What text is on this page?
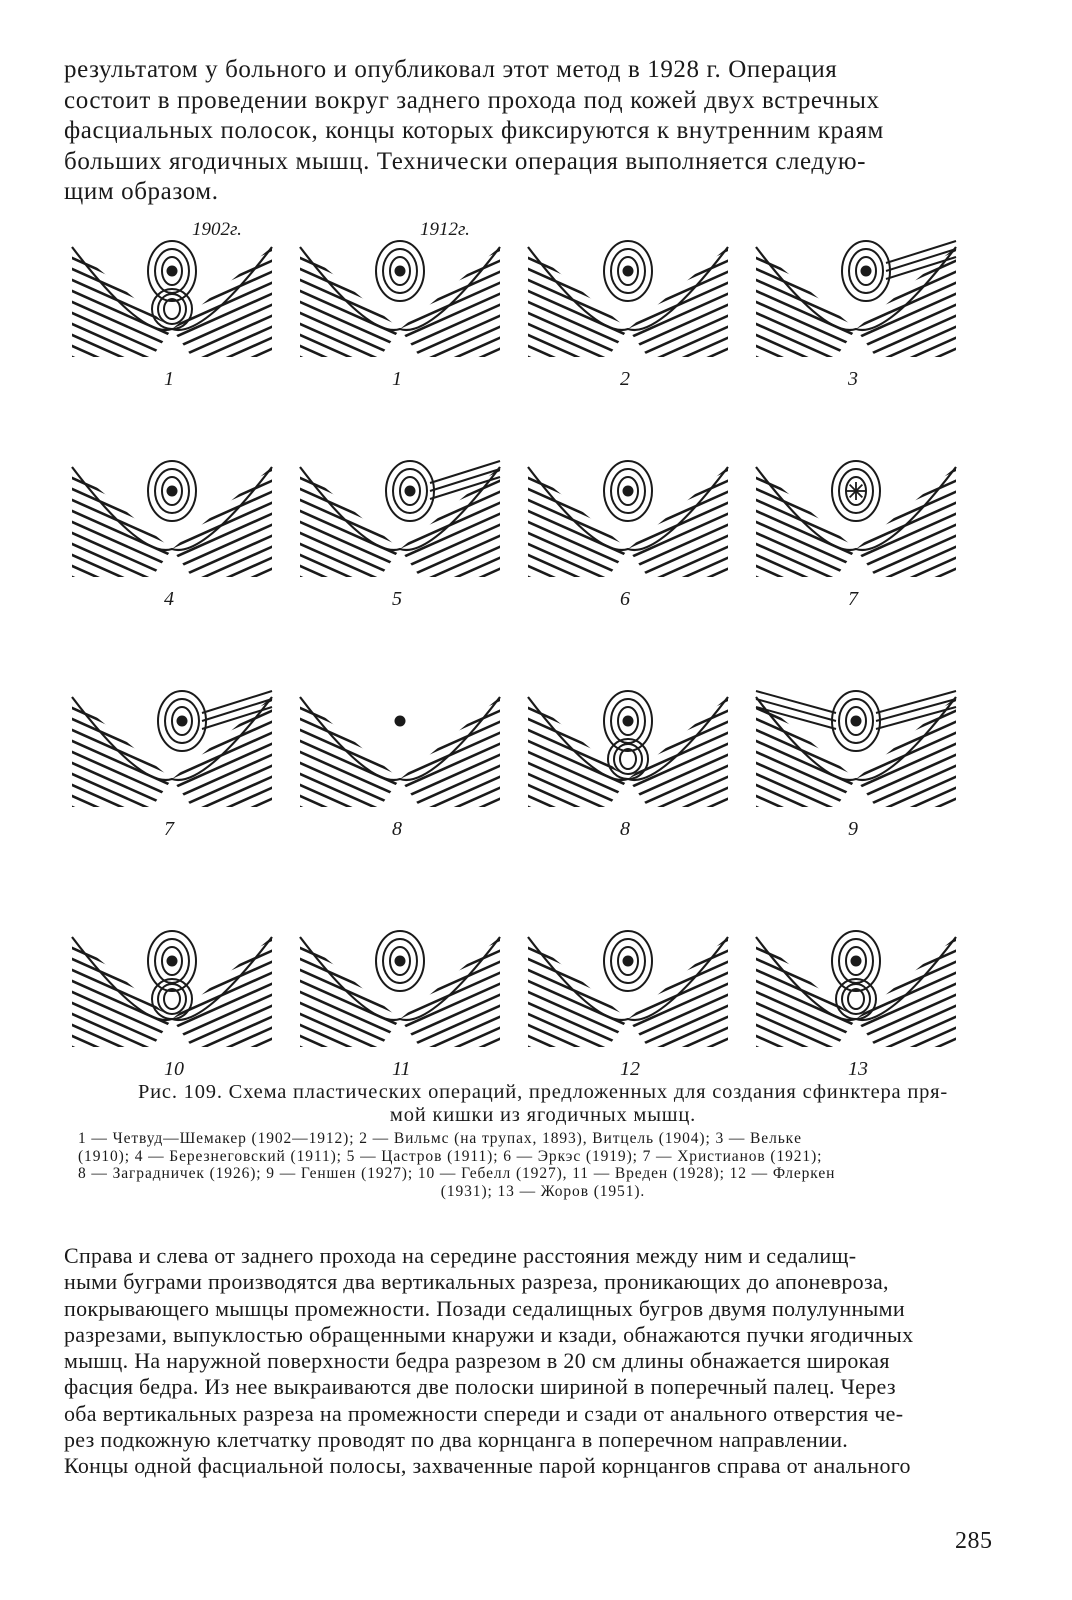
результатом у больного и опубликовал этот метод в 1928 г. Операция
состоит в проведении вокруг заднего прохода под кожей двух встречных
фасциальных полосок, концы которых фиксируются к внутренним краям
больших ягодичных мышц. Технически операция выполняется следую-
щим образом.
1
1902г.
1
1912г.
2	3
4	5	6	7
7	8	8	9
10	11	12	13
Рис. 109. Схема пластических операций, предложенных для создания сфинктера пря-
мой кишки из ягодичных мышц.
1 — Четвуд—Шемакер (1902—1912); 2 — Вильмс (на трупах, 1893), Витцель (1904); 3 — Велькe
(1910); 4 — Березнеговский (1911); 5 — Цастров (1911); 6 — Эркэс (1919); 7 — Христианов (1921);
8 — Заградничек (1926); 9 — Геншен (1927); 10 — Гебелл (1927), 11 — Вреден (1928); 12 — Флеркен
(1931); 13 — Жоров (1951).
Справа и слева от заднего прохода на середине расстояния между ним и седалищ-
ными буграми производятся два вертикальных разреза, проникающих до апоневроза,
покрывающего мышцы промежности. Позади седалищных бугров двумя полулунными
разрезами, выпуклостью обращенными кнаружи и кзади, обнажаются пучки ягодичных
мышц. На наружной поверхности бедра разрезом в 20 см длины обнажается широкая
фасция бедра. Из нее выкраиваются две полоски шириной в поперечный палец. Через
оба вертикальных разреза на промежности спереди и сзади от анального отверстия че-
рез подкожную клетчатку проводят по два корнцанга в поперечном направлении.
Концы одной фасциальной полосы, захваченные парой корнцангов справа от анального
285
